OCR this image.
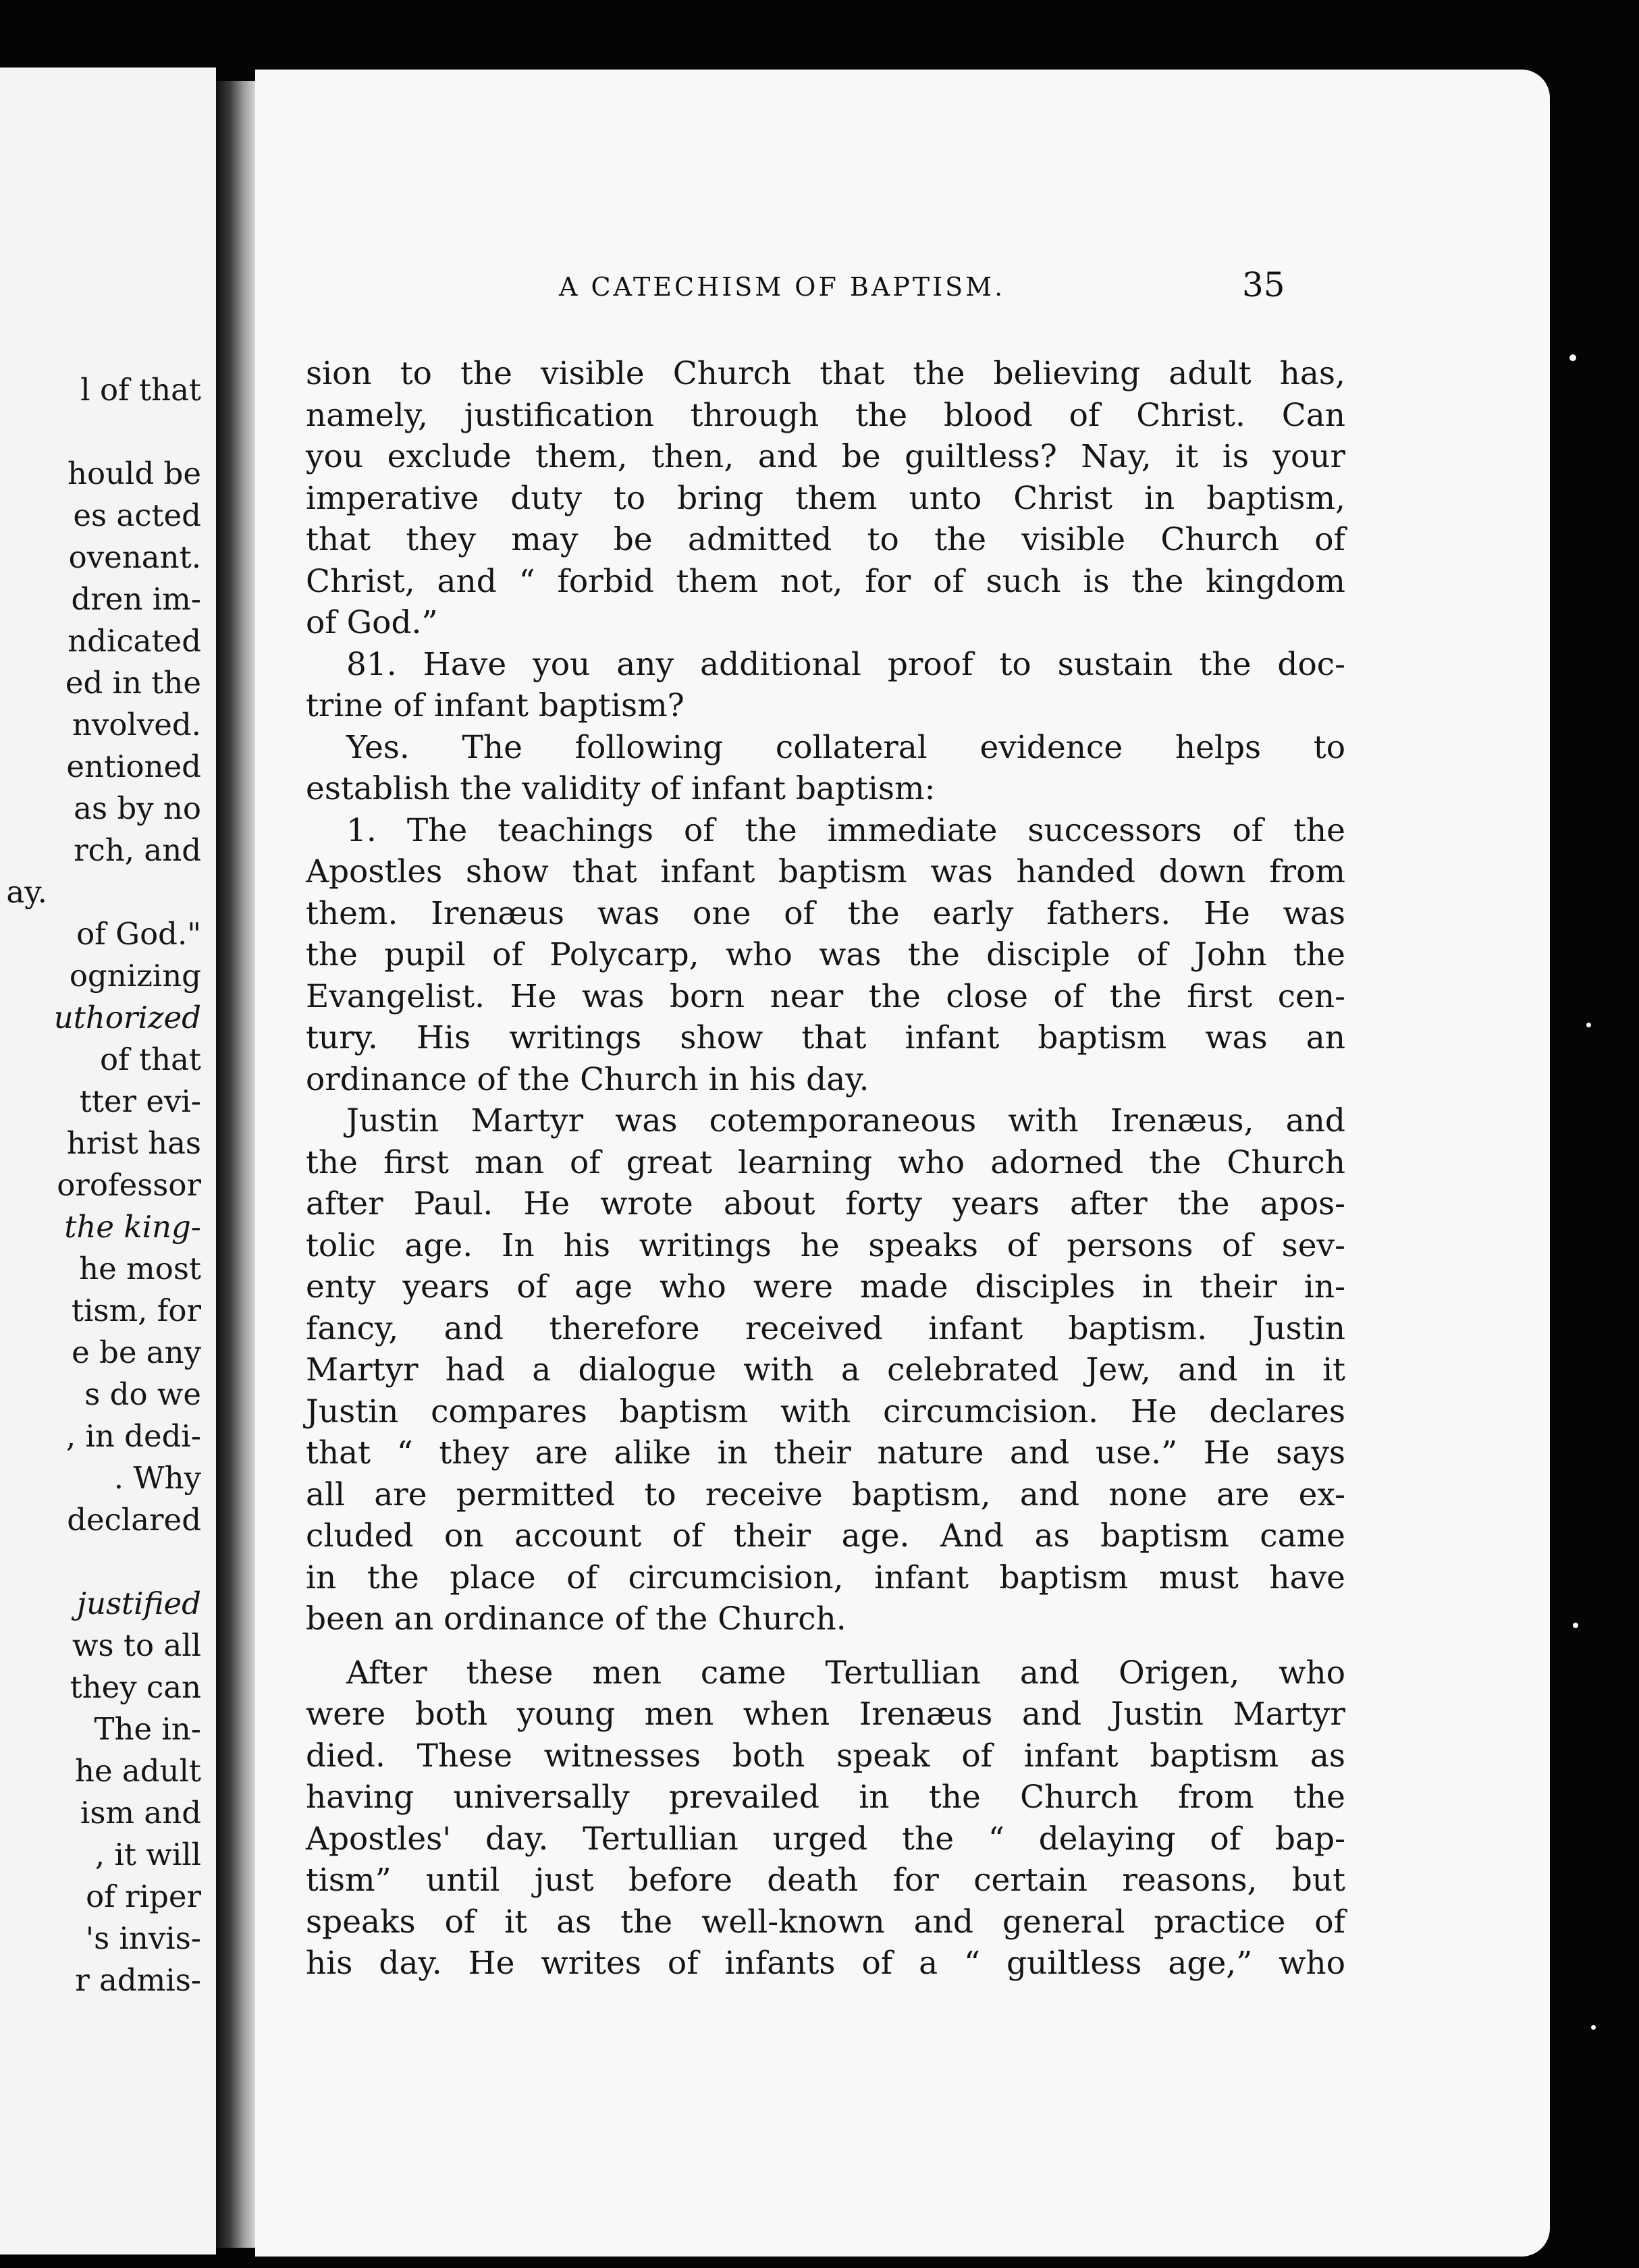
l of that
hould be
es acted
ovenant.
dren im-
ndicated
ed in the
nvolved.
entioned
as by no
rch, and
ay.
of God."
ognizing
uthorized
of that
tter evi-
hrist has
orofessor
the king-
he most
tism, for
e be any
s do we
, in dedi-
. Why
declared
justified
ws to all
they can
The in-
he adult
ism and
, it will
of riper
's invis-
r admis-
A CATECHISM OF BAPTISM.	35
sion to the visible Church that the believing adult has,
namely, justification through the blood of Christ. Can
you exclude them, then, and be guiltless? Nay, it is your
imperative duty to bring them unto Christ in baptism,
that they may be admitted to the visible Church of
Christ, and “ forbid them not, for of such is the kingdom
of God.”
81. Have you any additional proof to sustain the doc-
trine of infant baptism?
Yes. The following collateral evidence helps to
establish the validity of infant baptism:
1. The teachings of the immediate successors of the
Apostles show that infant baptism was handed down from
them. Irenæus was one of the early fathers. He was
the pupil of Polycarp, who was the disciple of John the
Evangelist. He was born near the close of the first cen-
tury. His writings show that infant baptism was an
ordinance of the Church in his day.
Justin Martyr was cotemporaneous with Irenæus, and
the first man of great learning who adorned the Church
after Paul. He wrote about forty years after the apos-
tolic age. In his writings he speaks of persons of sev-
enty years of age who were made disciples in their in-
fancy, and therefore received infant baptism. Justin
Martyr had a dialogue with a celebrated Jew, and in it
Justin compares baptism with circumcision. He declares
that “ they are alike in their nature and use.” He says
all are permitted to receive baptism, and none are ex-
cluded on account of their age. And as baptism came
in the place of circumcision, infant baptism must have
been an ordinance of the Church.
After these men came Tertullian and Origen, who
were both young men when Irenæus and Justin Martyr
died. These witnesses both speak of infant baptism as
having universally prevailed in the Church from the
Apostles' day. Tertullian urged the “ delaying of bap-
tism” until just before death for certain reasons, but
speaks of it as the well-known and general practice of
his day. He writes of infants of a “ guiltless age,” who
